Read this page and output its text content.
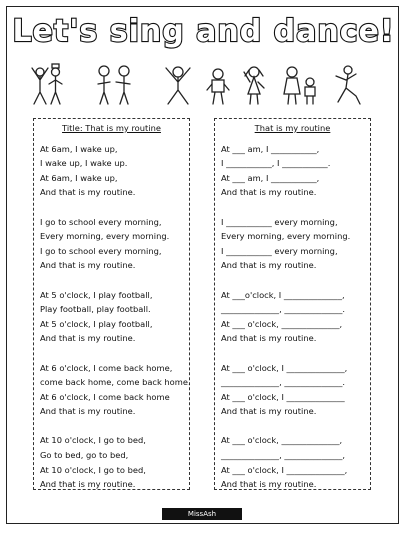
Let's sing and dance!
Title: That is my routine
At 6am, I wake up,
I wake up, I wake up.
At 6am, I wake up,
And that is my routine.
I go to school every morning,
Every morning, every morning.
I go to school every morning,
And that is my routine.
At 5 o'clock, I play football,
Play football, play football.
At 5 o'clock, I play football,
And that is my routine.
At 6 o'clock, I come back home,
come back home, come back home.
At 6 o'clock, I come back home
And that is my routine.
At 10 o'clock, I go to bed,
Go to bed, go to bed,
At 10 o'clock, I go to bed,
And that is my routine.
That is my routine
At ___ am, I ___________,
I ___________, I ___________.
At ___ am, I ___________,
And that is my routine.
I ___________ every morning,
Every morning, every morning.
I ___________ every morning,
And that is my routine.
At ___o'clock, I ______________,
______________, ______________.
At ___ o'clock, ______________,
And that is my routine.
At ___ o'clock, I ______________,
______________, ______________.
At ___ o'clock, I ______________
And that is my routine.
At ___ o'clock, ______________,
______________, ______________,
At ___ o'clock, I ______________,
And that is my routine.
MissAsh
